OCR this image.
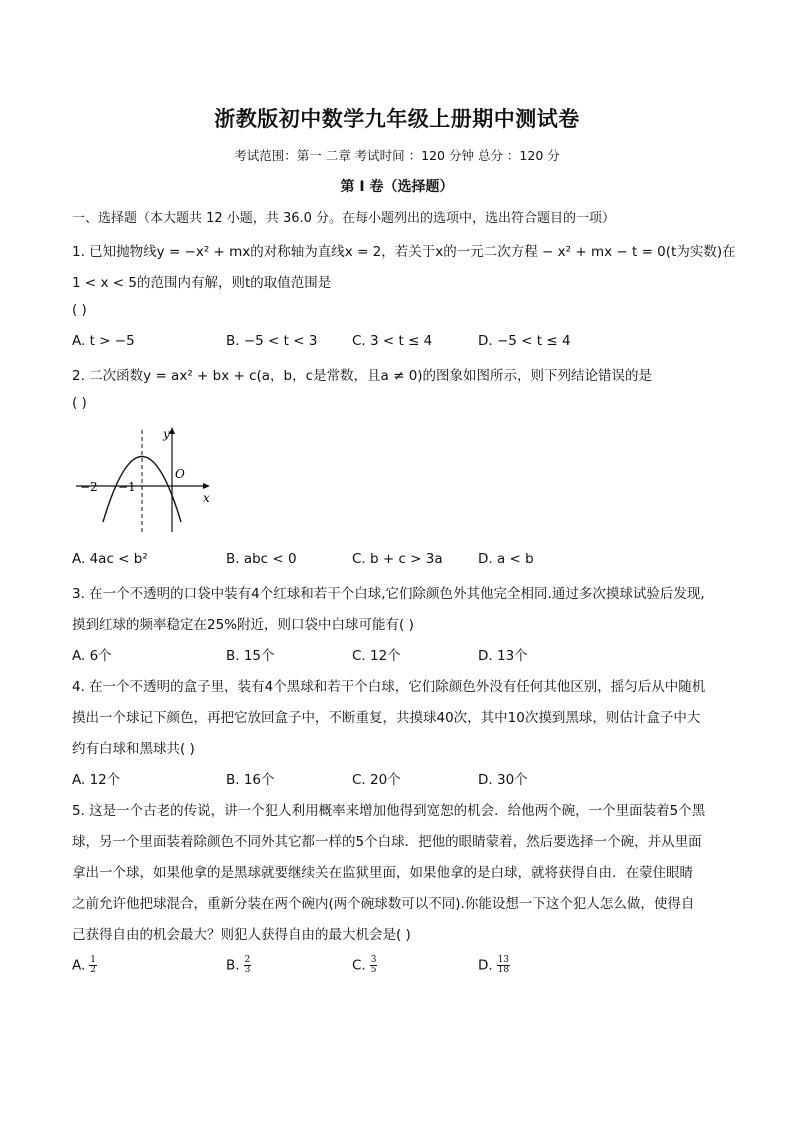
浙教版初中数学九年级上册期中测试卷
考试范围：第一 二章 考试时间 ：120 分钟 总分 ：120 分
第 I 卷（选择题）
一、选择题（本大题共 12 小题，共 36.0 分。在每小题列出的选项中，选出符合题目的一项）
1. 已知抛物线y = −x² + mx的对称轴为直线x = 2，若关于x的一元二次方程 − x² + mx − t = 0(t为实数)在
1 < x < 5的范围内有解，则t的取值范围是
( )
A. t > −5	B. −5 < t < 3	C. 3 < t ≤ 4	D. −5 < t ≤ 4
2. 二次函数y = ax² + bx + c(a，b，c是常数，且a ≠ 0)的图象如图所示，则下列结论错误的是
( )
y
x
O
−2 −1
A. 4ac < b²	B. abc < 0	C. b + c > 3a	D. a < b
3. 在一个不透明的口袋中装有4个红球和若干个白球,它们除颜色外其他完全相同.通过多次摸球试验后发现,
摸到红球的频率稳定在25%附近，则口袋中白球可能有( )
A. 6个	B. 15个	C. 12个	D. 13个
4. 在一个不透明的盒子里，装有4个黑球和若干个白球，它们除颜色外没有任何其他区别，摇匀后从中随机
摸出一个球记下颜色，再把它放回盒子中，不断重复，共摸球40次，其中10次摸到黑球，则估计盒子中大
约有白球和黑球共( )
A. 12个	B. 16个	C. 20个	D. 30个
5. 这是一个古老的传说，讲一个犯人利用概率来增加他得到宽恕的机会．给他两个碗，一个里面装着5个黑
球，另一个里面装着除颜色不同外其它都一样的5个白球．把他的眼睛蒙着，然后要选择一个碗，并从里面
拿出一个球，如果他拿的是黑球就要继续关在监狱里面，如果他拿的是白球，就将获得自由．在蒙住眼睛
之前允许他把球混合，重新分装在两个碗内(两个碗球数可以不同).你能设想一下这个犯人怎么做，使得自
己获得自由的机会最大？则犯人获得自由的最大机会是( )
A. $\frac{1}{2}$	B. $\frac{2}{3}$	C. $\frac{3}{5}$	D. $\frac{13}{18}$
